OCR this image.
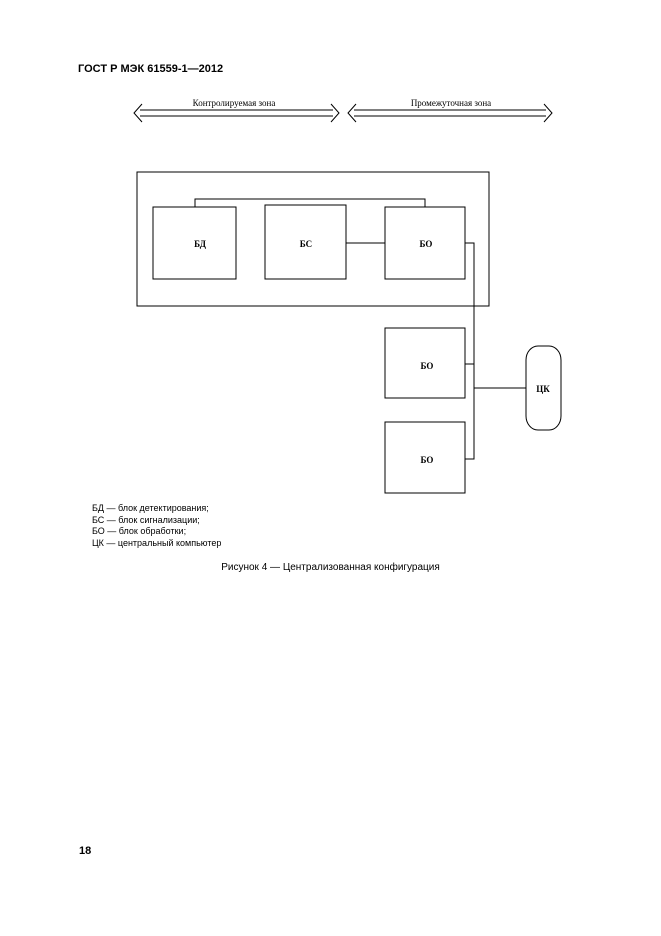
ГОСТ Р МЭК 61559-1—2012
Контролируемая зона	Промежуточная зона
БД	БС	БО
БО
БО
ЦК
БД — блок детектирования;
БС — блок сигнализации;
БО — блок обработки;
ЦК — центральный компьютер
Рисунок 4 — Централизованная конфигурация
18
